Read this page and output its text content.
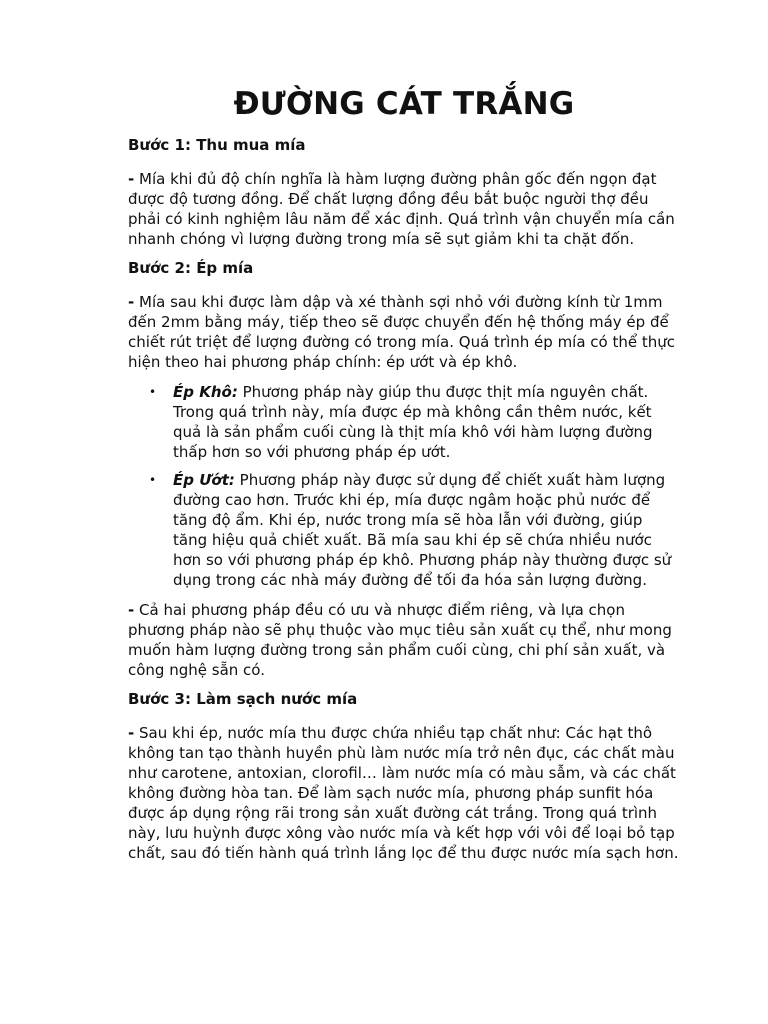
ĐƯỜNG CÁT TRẮNG
Bước 1: Thu mua mía

- Mía khi đủ độ chín nghĩa là hàm lượng đường phân gốc đến ngọn đạt được độ tương đồng. Để chất lượng đồng đều bắt buộc người thợ đều phải có kinh nghiệm lâu năm để xác định. Quá trình vận chuyển mía cần nhanh chóng vì lượng đường trong mía sẽ sụt giảm khi ta chặt đốn.

Bước 2: Ép mía

- Mía sau khi được làm dập và xé thành sợi nhỏ với đường kính từ 1mm đến 2mm bằng máy, tiếp theo sẽ được chuyển đến hệ thống máy ép để chiết rút triệt để lượng đường có trong mía. Quá trình ép mía có thể thực hiện theo hai phương pháp chính: ép ướt và ép khô.

• Ép Khô: Phương pháp này giúp thu được thịt mía nguyên chất. Trong quá trình này, mía được ép mà không cần thêm nước, kết quả là sản phẩm cuối cùng là thịt mía khô với hàm lượng đường thấp hơn so với phương pháp ép ướt.
• Ép Ướt: Phương pháp này được sử dụng để chiết xuất hàm lượng đường cao hơn. Trước khi ép, mía được ngâm hoặc phủ nước để tăng độ ẩm. Khi ép, nước trong mía sẽ hòa lẫn với đường, giúp tăng hiệu quả chiết xuất. Bã mía sau khi ép sẽ chứa nhiều nước hơn so với phương pháp ép khô. Phương pháp này thường được sử dụng trong các nhà máy đường để tối đa hóa sản lượng đường.

- Cả hai phương pháp đều có ưu và nhược điểm riêng, và lựa chọn phương pháp nào sẽ phụ thuộc vào mục tiêu sản xuất cụ thể, như mong muốn hàm lượng đường trong sản phẩm cuối cùng, chi phí sản xuất, và công nghệ sẵn có.

Bước 3: Làm sạch nước mía

- Sau khi ép, nước mía thu được chứa nhiều tạp chất như: Các hạt thô không tan tạo thành huyền phù làm nước mía trở nên đục, các chất màu như carotene, antoxian, clorofil… làm nước mía có màu sẫm, và các chất không đường hòa tan. Để làm sạch nước mía, phương pháp sunfit hóa được áp dụng rộng rãi trong sản xuất đường cát trắng. Trong quá trình này, lưu huỳnh được xông vào nước mía và kết hợp với vôi để loại bỏ tạp chất, sau đó tiến hành quá trình lắng lọc để thu được nước mía sạch hơn.
